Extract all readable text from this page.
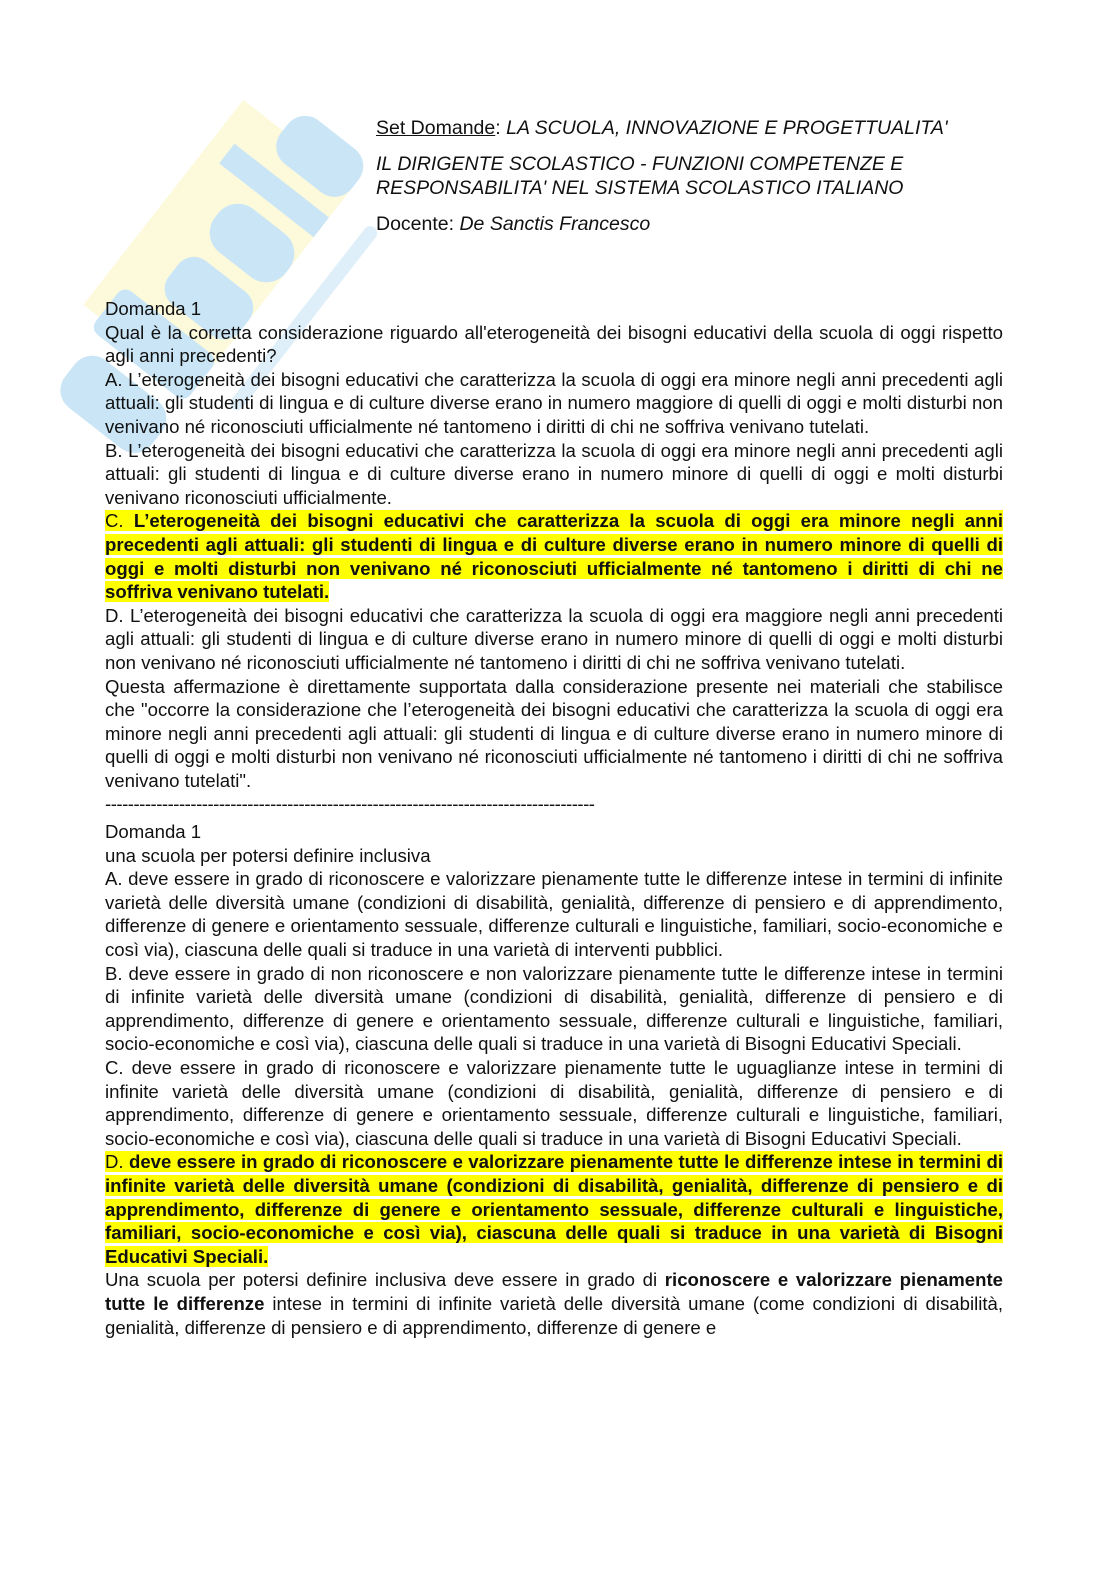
Set Domande: LA SCUOLA, INNOVAZIONE E PROGETTUALITA'

IL DIRIGENTE SCOLASTICO - FUNZIONI COMPETENZE E RESPONSABILITA' NEL SISTEMA SCOLASTICO ITALIANO

Docente: De Sanctis Francesco

Domanda 1

Qual è la corretta considerazione riguardo all'eterogeneità dei bisogni educativi della scuola di oggi rispetto agli anni precedenti?

A. L’eterogeneità dei bisogni educativi che caratterizza la scuola di oggi era minore negli anni precedenti agli attuali: gli studenti di lingua e di culture diverse erano in numero maggiore di quelli di oggi e molti disturbi non venivano né riconosciuti ufficialmente né tantomeno i diritti di chi ne soffriva venivano tutelati.

B. L’eterogeneità dei bisogni educativi che caratterizza la scuola di oggi era minore negli anni precedenti agli attuali: gli studenti di lingua e di culture diverse erano in numero minore di quelli di oggi e molti disturbi venivano riconosciuti ufficialmente.

C. L’eterogeneità dei bisogni educativi che caratterizza la scuola di oggi era minore negli anni precedenti agli attuali: gli studenti di lingua e di culture diverse erano in numero minore di quelli di oggi e molti disturbi non venivano né riconosciuti ufficialmente né tantomeno i diritti di chi ne soffriva venivano tutelati.

D. L’eterogeneità dei bisogni educativi che caratterizza la scuola di oggi era maggiore negli anni precedenti agli attuali: gli studenti di lingua e di culture diverse erano in numero minore di quelli di oggi e molti disturbi non venivano né riconosciuti ufficialmente né tantomeno i diritti di chi ne soffriva venivano tutelati.

Questa affermazione è direttamente supportata dalla considerazione presente nei materiali che stabilisce che "occorre la considerazione che l’eterogeneità dei bisogni educativi che caratterizza la scuola di oggi era minore negli anni precedenti agli attuali: gli studenti di lingua e di culture diverse erano in numero minore di quelli di oggi e molti disturbi non venivano né riconosciuti ufficialmente né tantomeno i diritti di chi ne soffriva venivano tutelati".

--------------------------------------------------------------------------------------

Domanda 1

una scuola per potersi definire inclusiva

A. deve essere in grado di riconoscere e valorizzare pienamente tutte le differenze intese in termini di infinite varietà delle diversità umane (condizioni di disabilità, genialità, differenze di pensiero e di apprendimento, differenze di genere e orientamento sessuale, differenze culturali e linguistiche, familiari, socio-economiche e così via), ciascuna delle quali si traduce in una varietà di interventi pubblici.

B. deve essere in grado di non riconoscere e non valorizzare pienamente tutte le differenze intese in termini di infinite varietà delle diversità umane (condizioni di disabilità, genialità, differenze di pensiero e di apprendimento, differenze di genere e orientamento sessuale, differenze culturali e linguistiche, familiari, socio-economiche e così via), ciascuna delle quali si traduce in una varietà di Bisogni Educativi Speciali.

C. deve essere in grado di riconoscere e valorizzare pienamente tutte le uguaglianze intese in termini di infinite varietà delle diversità umane (condizioni di disabilità, genialità, differenze di pensiero e di apprendimento, differenze di genere e orientamento sessuale, differenze culturali e linguistiche, familiari, socio-economiche e così via), ciascuna delle quali si traduce in una varietà di Bisogni Educativi Speciali.

D. deve essere in grado di riconoscere e valorizzare pienamente tutte le differenze intese in termini di infinite varietà delle diversità umane (condizioni di disabilità, genialità, differenze di pensiero e di apprendimento, differenze di genere e orientamento sessuale, differenze culturali e linguistiche, familiari, socio-economiche e così via), ciascuna delle quali si traduce in una varietà di Bisogni Educativi Speciali.

Una scuola per potersi definire inclusiva deve essere in grado di riconoscere e valorizzare pienamente tutte le differenze intese in termini di infinite varietà delle diversità umane (come condizioni di disabilità, genialità, differenze di pensiero e di apprendimento, differenze di genere e
